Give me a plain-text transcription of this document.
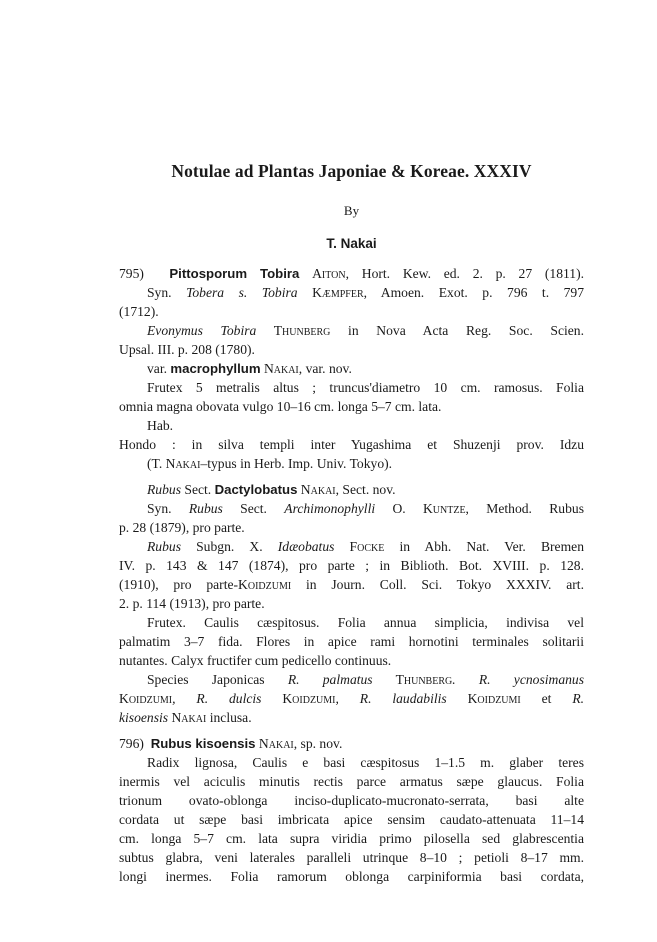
Notulae ad Plantas Japoniae & Koreae. XXXIV
By
T. Nakai
795) Pittosporum Tobira Aiton, Hort. Kew. ed. 2. p. 27 (1811).
Syn. Tobera s. Tobira Kæmpfer, Amoen. Exot. p. 796 t. 797
(1712).
Evonymus Tobira Thunberg in Nova Acta Reg. Soc. Scien.
Upsal. III. p. 208 (1780).
var. macrophyllum Nakai, var. nov.
Frutex 5 metralis altus ; truncus'diametro 10 cm. ramosus. Folia
omnia magna obovata vulgo 10–16 cm. longa 5–7 cm. lata.
Hab.
Hondo : in silva templi inter Yugashima et Shuzenji prov. Idzu
(T. Nakai–typus in Herb. Imp. Univ. Tokyo).
Rubus Sect. Dactylobatus Nakai, Sect. nov.
Syn. Rubus Sect. Archimonophylli O. Kuntze, Method. Rubus
p. 28 (1879), pro parte.
Rubus Subgn. X. Idæobatus Focke in Abh. Nat. Ver. Bremen
IV. p. 143 & 147 (1874), pro parte ; in Biblioth. Bot. XVIII. p. 128.
(1910), pro parte-Koidzumi in Journ. Coll. Sci. Tokyo XXXIV. art.
2. p. 114 (1913), pro parte.
Frutex. Caulis cæspitosus. Folia annua simplicia, indivisa vel
palmatim 3–7 fida. Flores in apice rami hornotini terminales solitarii
nutantes. Calyx fructifer cum pedicello continuus.
Species Japonicas R. palmatus Thunberg. R. ycnosimanus
Koidzumi, R. dulcis Koidzumi, R. laudabilis Koidzumi et R.
kisoensis Nakai inclusa.
796) Rubus kisoensis Nakai, sp. nov.
Radix lignosa, Caulis e basi cæspitosus 1–1.5 m. glaber teres
inermis vel aciculis minutis rectis parce armatus sæpe glaucus. Folia
trionum ovato-oblonga inciso-duplicato-mucronato-serrata, basi alte
cordata ut sæpe basi imbricata apice sensim caudato-attenuata 11–14
cm. longa 5–7 cm. lata supra viridia primo pilosella sed glabrescentia
subtus glabra, veni laterales paralleli utrinque 8–10 ; petioli 8–17 mm.
longi inermes. Folia ramorum oblonga carpiniformia basi cordata,
